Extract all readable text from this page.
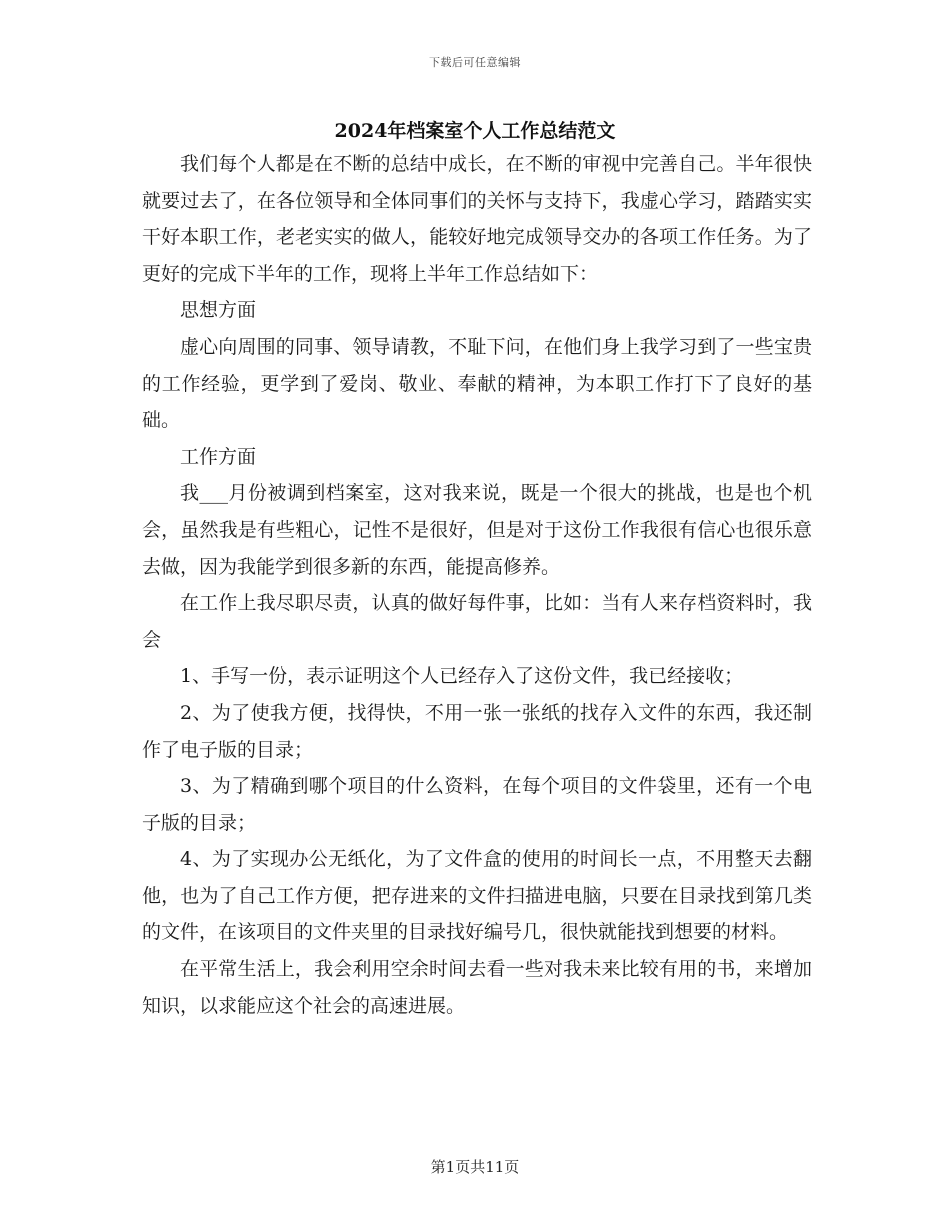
下载后可任意编辑
2024年档案室个人工作总结范文

我们每个人都是在不断的总结中成长，在不断的审视中完善自己。半年很快就要过去了，在各位领导和全体同事们的关怀与支持下，我虚心学习，踏踏实实干好本职工作，老老实实的做人，能较好地完成领导交办的各项工作任务。为了更好的完成下半年的工作，现将上半年工作总结如下：

思想方面

虚心向周围的同事、领导请教，不耻下问，在他们身上我学习到了一些宝贵的工作经验，更学到了爱岗、敬业、奉献的精神，为本职工作打下了良好的基础。

工作方面

我___月份被调到档案室，这对我来说，既是一个很大的挑战，也是也个机会，虽然我是有些粗心，记性不是很好，但是对于这份工作我很有信心也很乐意去做，因为我能学到很多新的东西，能提高修养。

在工作上我尽职尽责，认真的做好每件事，比如：当有人来存档资料时，我会

1、手写一份，表示证明这个人已经存入了这份文件，我已经接收；

2、为了使我方便，找得快，不用一张一张纸的找存入文件的东西，我还制作了电子版的目录；

3、为了精确到哪个项目的什么资料，在每个项目的文件袋里，还有一个电子版的目录；

4、为了实现办公无纸化，为了文件盒的使用的时间长一点，不用整天去翻他，也为了自己工作方便，把存进来的文件扫描进电脑，只要在目录找到第几类的文件，在该项目的文件夹里的目录找好编号几，很快就能找到想要的材料。

在平常生活上，我会利用空余时间去看一些对我未来比较有用的书，来增加知识，以求能应这个社会的高速进展。

第1页共11页
